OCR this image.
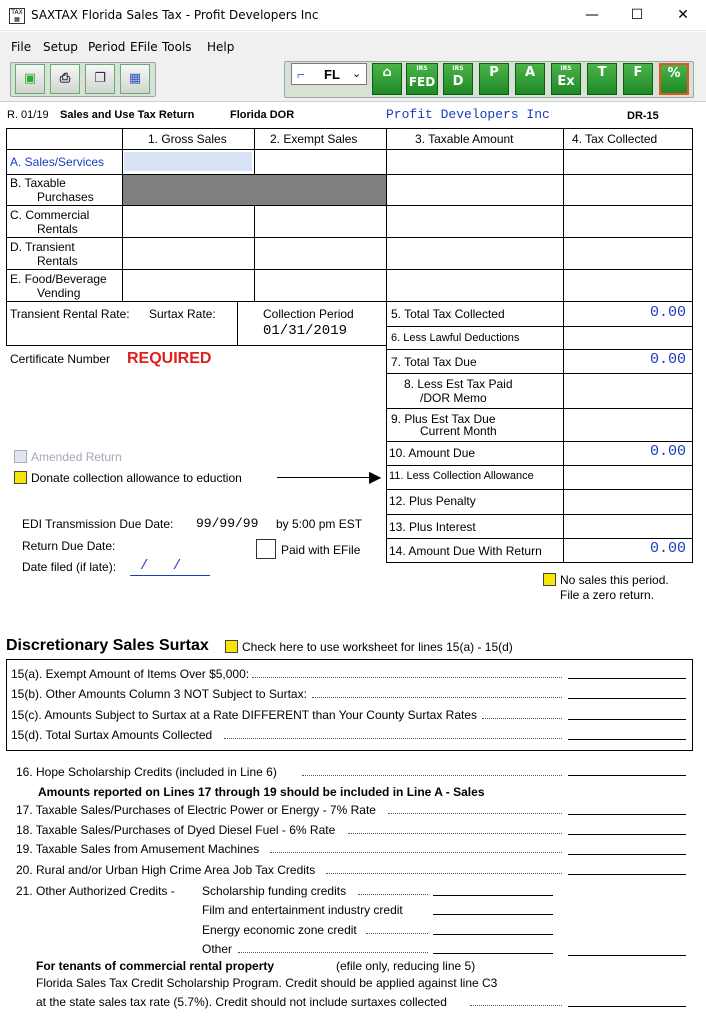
TAX
▦ SAXTAX Florida Sales Tax - Profit Developers Inc	—	☐	✕
File Setup Period EFile Tools Help
▣	⎙	❐	▦	⌐ FL ⌄	⌂	IRS
FED
IRS
D
P	A	IRS
Ex
T	F	%
R. 01/19 Sales and Use Tax Return	Florida DOR	Profit Developers Inc	DR-15
1. Gross Sales	2. Exempt Sales	3. Taxable Amount	4. Tax Collected
A. Sales/Services
B. Taxable
Purchases
C. Commercial
Rentals
D. Transient
Rentals
E. Food/Beverage
Vending
Transient Rental Rate: Surtax Rate:	Collection Period
01/31/2019
5. Total Tax Collected	0.00
6. Less Lawful Deductions
7. Total Tax Due	0.00
8. Less Est Tax Paid
/DOR Memo
9. Plus Est Tax Due
Current Month
10. Amount Due	0.00
11. Less Collection Allowance
12. Plus Penalty
13. Plus Interest
14. Amount Due With Return	0.00
Certificate Number REQUIRED
Amended Return
Donate collection allowance to eduction	▶
EDI Transmission Due Date: 99/99/99 by 5:00 pm EST
Return Due Date:	Paid with EFile
Date filed (if late): / /
No sales this period.
File a zero return.
Discretionary Sales Surtax	Check here to use worksheet for lines 15(a) - 15(d)
15(a). Exempt Amount of Items Over $5,000:
15(b). Other Amounts Column 3 NOT Subject to Surtax:
15(c). Amounts Subject to Surtax at a Rate DIFFERENT than Your County Surtax Rates
15(d). Total Surtax Amounts Collected
16. Hope Scholarship Credits (included in Line 6)
Amounts reported on Lines 17 through 19 should be included in Line A - Sales
17. Taxable Sales/Purchases of Electric Power or Energy - 7% Rate
18. Taxable Sales/Purchases of Dyed Diesel Fuel - 6% Rate
19. Taxable Sales from Amusement Machines
20. Rural and/or Urban High Crime Area Job Tax Credits
21. Other Authorized Credits - Scholarship funding credits
Film and entertainment industry credit
Energy economic zone credit
Other
For tenants of commercial rental property	(efile only, reducing line 5)
Florida Sales Tax Credit Scholarship Program. Credit should be applied against line C3
at the state sales tax rate (5.7%). Credit should not include surtaxes collected
